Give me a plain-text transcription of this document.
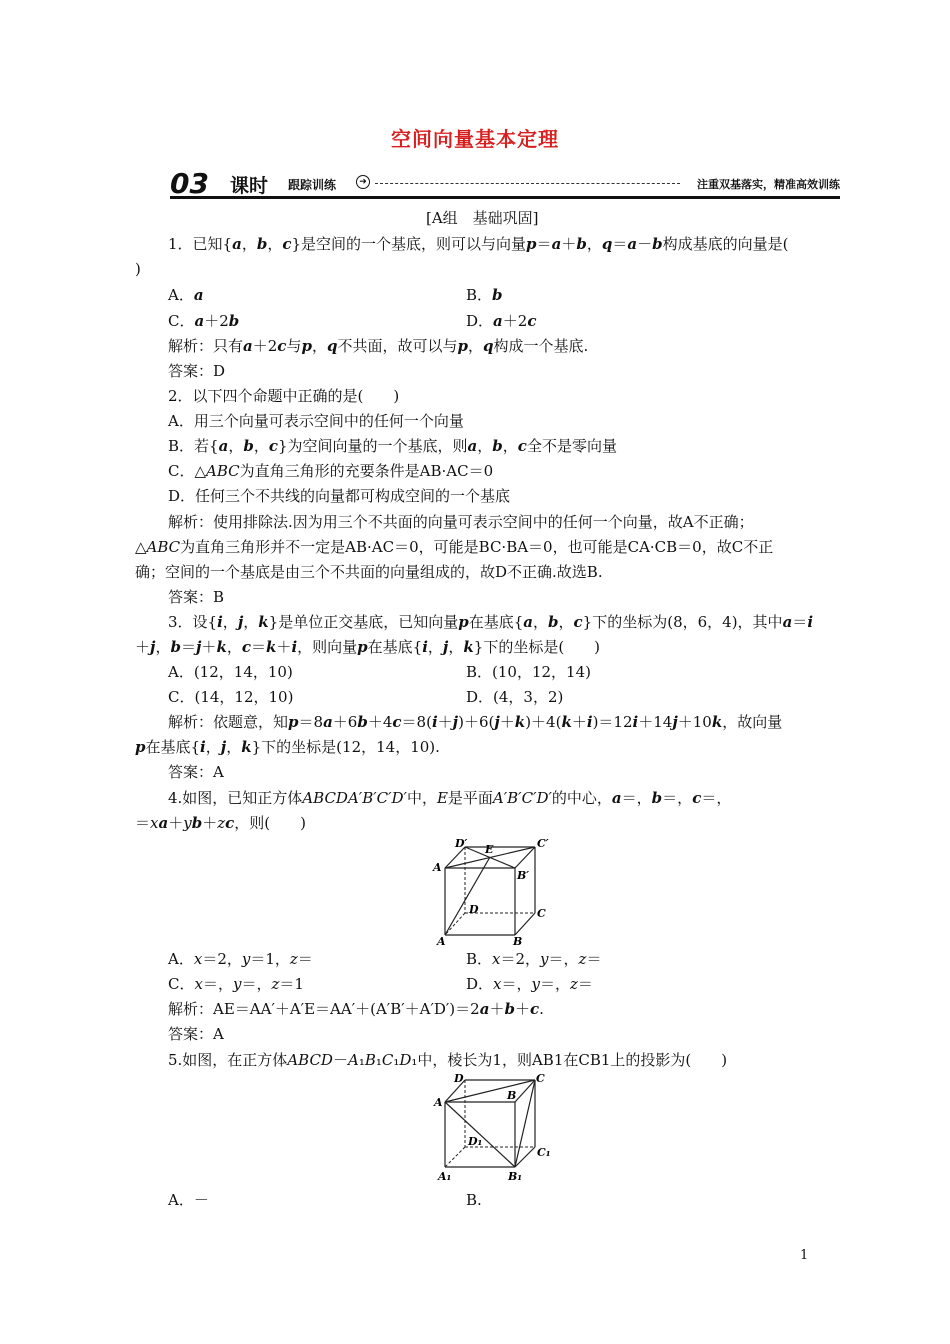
空间向量基本定理
03 课时 跟踪训练	➜	注重双基落实，精准高效训练
[A组　基础巩固]
1．已知{a，b，c}是空间的一个基底，则可以与向量p＝a＋b，q＝a－b构成基底的向量是(
)
A．a	B．b
C．a＋2b	D．a＋2c
解析：只有a＋2c与p，q不共面，故可以与p，q构成一个基底.
答案：D
2．以下四个命题中正确的是(　　)
A．用三个向量可表示空间中的任何一个向量
B．若{a，b，c}为空间向量的一个基底，则a，b，c全不是零向量
C．△ABC为直角三角形的充要条件是AB·AC＝0
D．任何三个不共线的向量都可构成空间的一个基底
解析：使用排除法.因为用三个不共面的向量可表示空间中的任何一个向量，故A不正确；
△ABC为直角三角形并不一定是AB·AC＝0，可能是BC·BA＝0，也可能是CA·CB＝0，故C不正
确；空间的一个基底是由三个不共面的向量组成的，故D不正确.故选B.
答案：B
3．设{i，j，k}是单位正交基底，已知向量p在基底{a，b，c}下的坐标为(8，6，4)，其中a＝i
＋j，b＝j＋k，c＝k＋i，则向量p在基底{i，j，k}下的坐标是(　　)
A．(12，14，10)	B．(10，12，14)
C．(14，12，10)	D．(4，3，2)
解析：依题意，知p＝8a＋6b＋4c＝8(i＋j)＋6(j＋k)＋4(k＋i)＝12i＋14j＋10k，故向量
p在基底{i，j，k}下的坐标是(12，14，10).
答案：A
4.如图，已知正方体ABCDA′B′C′D′中，E是平面A′B′C′D′的中心，a＝，b＝，c＝，
＝xa＋yb＋zc，则(　　)
A．x＝2，y＝1，z＝	B．x＝2，y＝，z＝
C．x＝，y＝，z＝1	D．x＝，y＝，z＝
解析：AE＝AA′＋A′E＝AA′＋(A′B′＋A′D′)＝2a＋b＋c.
答案：A
5.如图，在正方体ABCD－A₁B₁C₁D₁中，棱长为1，则AB1在CB1上的投影为(　　)
A．－	B.
D′ E	C′
A
B′
D	C
A	B
D	C
A
B
D₁
C₁
A₁	B₁
1
